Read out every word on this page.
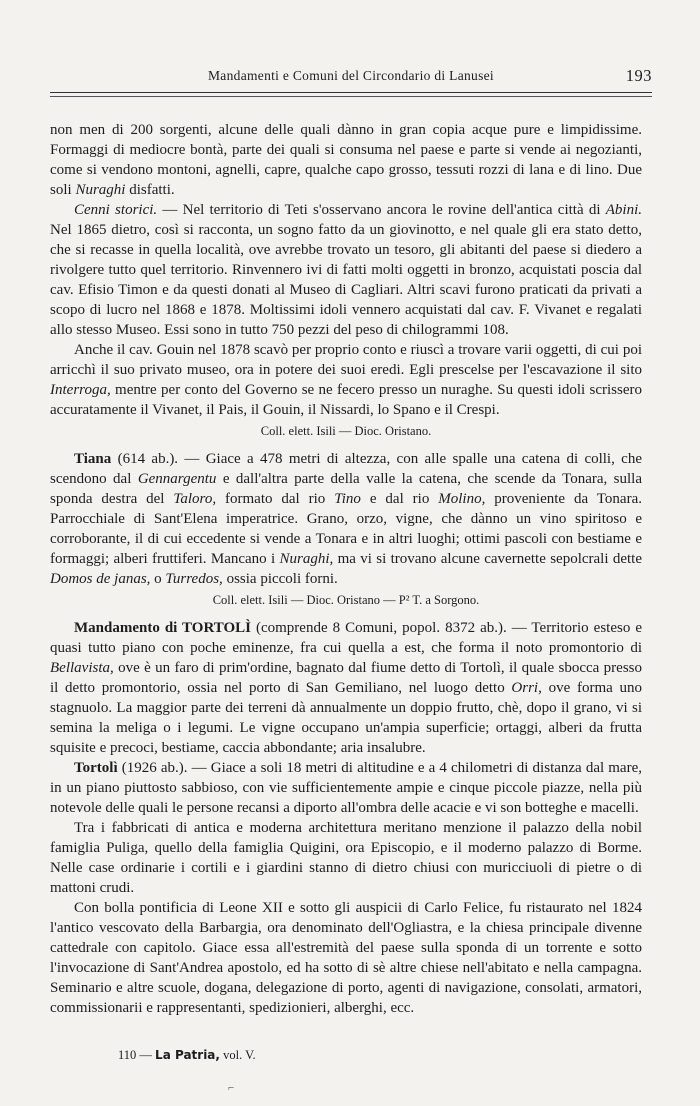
Mandamenti e Comuni del Circondario di Lanusei	193

non men di 200 sorgenti, alcune delle quali dànno in gran copia acque pure e limpidissime. Formaggi di mediocre bontà, parte dei quali si consuma nel paese e parte si vende ai negozianti, come si vendono montoni, agnelli, capre, qualche capo grosso, tessuti rozzi di lana e di lino. Due soli Nuraghi disfatti.

Cenni storici. — Nel territorio di Teti s'osservano ancora le rovine dell'antica città di Abini. Nel 1865 dietro, così si racconta, un sogno fatto da un giovinotto, e nel quale gli era stato detto, che si recasse in quella località, ove avrebbe trovato un tesoro, gli abitanti del paese si diedero a rivolgere tutto quel territorio. Rinvennero ivi di fatti molti oggetti in bronzo, acquistati poscia dal cav. Efisio Timon e da questi donati al Museo di Cagliari. Altri scavi furono praticati da privati a scopo di lucro nel 1868 e 1878. Moltissimi idoli vennero acquistati dal cav. F. Vivanet e regalati allo stesso Museo. Essi sono in tutto 750 pezzi del peso di chilogrammi 108.

Anche il cav. Gouin nel 1878 scavò per proprio conto e riuscì a trovare varii oggetti, di cui poi arricchì il suo privato museo, ora in potere dei suoi eredi. Egli prescelse per l'escavazione il sito Interroga, mentre per conto del Governo se ne fecero presso un nuraghe. Su questi idoli scrissero accuratamente il Vivanet, il Pais, il Gouin, il Nissardi, lo Spano e il Crespi.

Coll. elett. Isili — Dioc. Oristano.

Tiana (614 ab.). — Giace a 478 metri di altezza, con alle spalle una catena di colli, che scendono dal Gennargentu e dall'altra parte della valle la catena, che scende da Tonara, sulla sponda destra del Taloro, formato dal rio Tino e dal rio Molino, proveniente da Tonara. Parrocchiale di Sant'Elena imperatrice. Grano, orzo, vigne, che dànno un vino spiritoso e corroborante, il di cui eccedente si vende a Tonara e in altri luoghi; ottimi pascoli con bestiame e formaggi; alberi fruttiferi. Mancano i Nuraghi, ma vi si trovano alcune cavernette sepolcrali dette Domos de janas, o Turredos, ossia piccoli forni.

Coll. elett. Isili — Dioc. Oristano — P² T. a Sorgono.

Mandamento di TORTOLÌ (comprende 8 Comuni, popol. 8372 ab.). — Territorio esteso e quasi tutto piano con poche eminenze, fra cui quella a est, che forma il noto promontorio di Bellavista, ove è un faro di prim'ordine, bagnato dal fiume detto di Tortolì, il quale sbocca presso il detto promontorio, ossia nel porto di San Gemiliano, nel luogo detto Orri, ove forma uno stagnuolo. La maggior parte dei terreni dà annualmente un doppio frutto, chè, dopo il grano, vi si semina la meliga o i legumi. Le vigne occupano un'ampia superficie; ortaggi, alberi da frutta squisite e precoci, bestiame, caccia abbondante; aria insalubre.

Tortolì (1926 ab.). — Giace a soli 18 metri di altitudine e a 4 chilometri di distanza dal mare, in un piano piuttosto sabbioso, con vie sufficientemente ampie e cinque piccole piazze, nella più notevole delle quali le persone recansi a diporto all'ombra delle acacie e vi son botteghe e macelli.

Tra i fabbricati di antica e moderna architettura meritano menzione il palazzo della nobil famiglia Puliga, quello della famiglia Quigini, ora Episcopio, e il moderno palazzo di Borme. Nelle case ordinarie i cortili e i giardini stanno di dietro chiusi con muricciuoli di pietre o di mattoni crudi.

Con bolla pontificia di Leone XII e sotto gli auspicii di Carlo Felice, fu ristaurato nel 1824 l'antico vescovato della Barbargia, ora denominato dell'Ogliastra, e la chiesa principale divenne cattedrale con capitolo. Giace essa all'estremità del paese sulla sponda di un torrente e sotto l'invocazione di Sant'Andrea apostolo, ed ha sotto di sè altre chiese nell'abitato e nella campagna. Seminario e altre scuole, dogana, delegazione di porto, agenti di navigazione, consolati, armatori, commissionarii e rappresentanti, spedizionieri, alberghi, ecc.

110 — La Patria, vol. V.
⌐
